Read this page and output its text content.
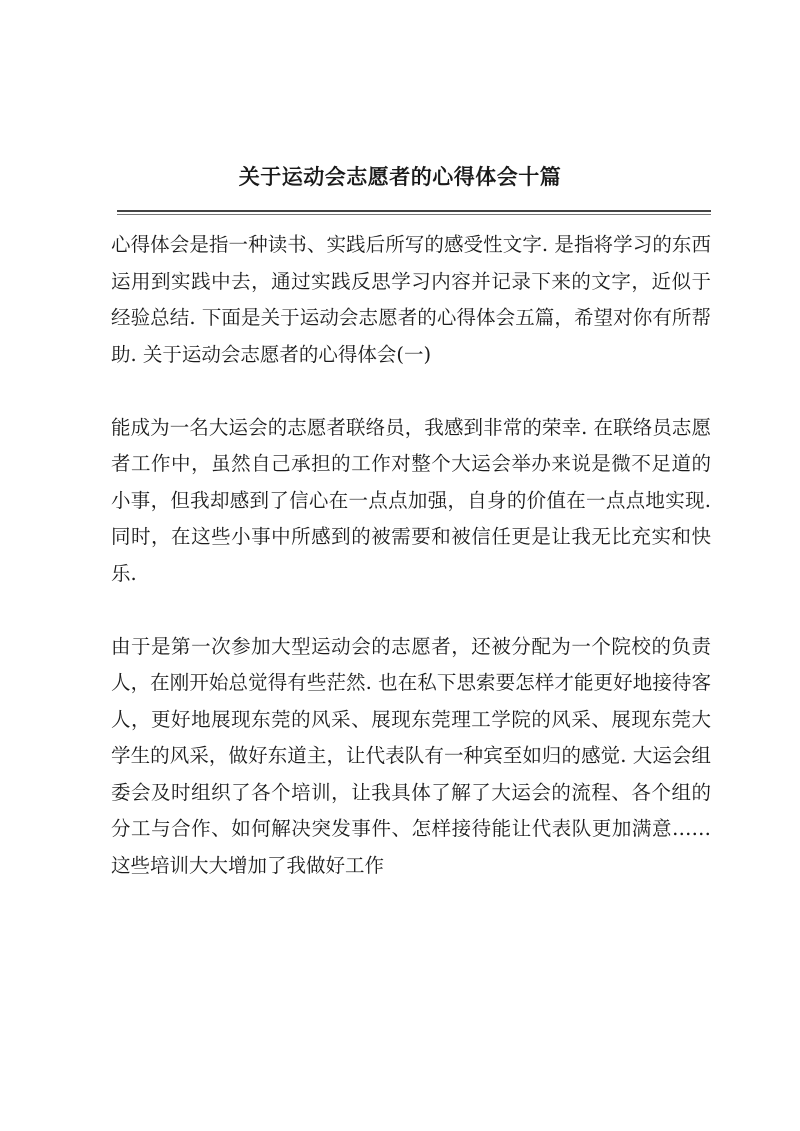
关于运动会志愿者的心得体会十篇

心得体会是指一种读书、实践后所写的感受性文字. 是指将学习的东西运用到实践中去，通过实践反思学习内容并记录下来的文字，近似于经验总结. 下面是关于运动会志愿者的心得体会五篇，希望对你有所帮助. 关于运动会志愿者的心得体会(一)

能成为一名大运会的志愿者联络员，我感到非常的荣幸. 在联络员志愿者工作中，虽然自己承担的工作对整个大运会举办来说是微不足道的小事，但我却感到了信心在一点点加强，自身的价值在一点点地实现. 同时，在这些小事中所感到的被需要和被信任更是让我无比充实和快乐.

由于是第一次参加大型运动会的志愿者，还被分配为一个院校的负责人，在刚开始总觉得有些茫然. 也在私下思索要怎样才能更好地接待客人，更好地展现东莞的风采、展现东莞理工学院的风采、展现东莞大学生的风采，做好东道主，让代表队有一种宾至如归的感觉. 大运会组委会及时组织了各个培训，让我具体了解了大运会的流程、各个组的分工与合作、如何解决突发事件、怎样接待能让代表队更加满意……这些培训大大增加了我做好工作
